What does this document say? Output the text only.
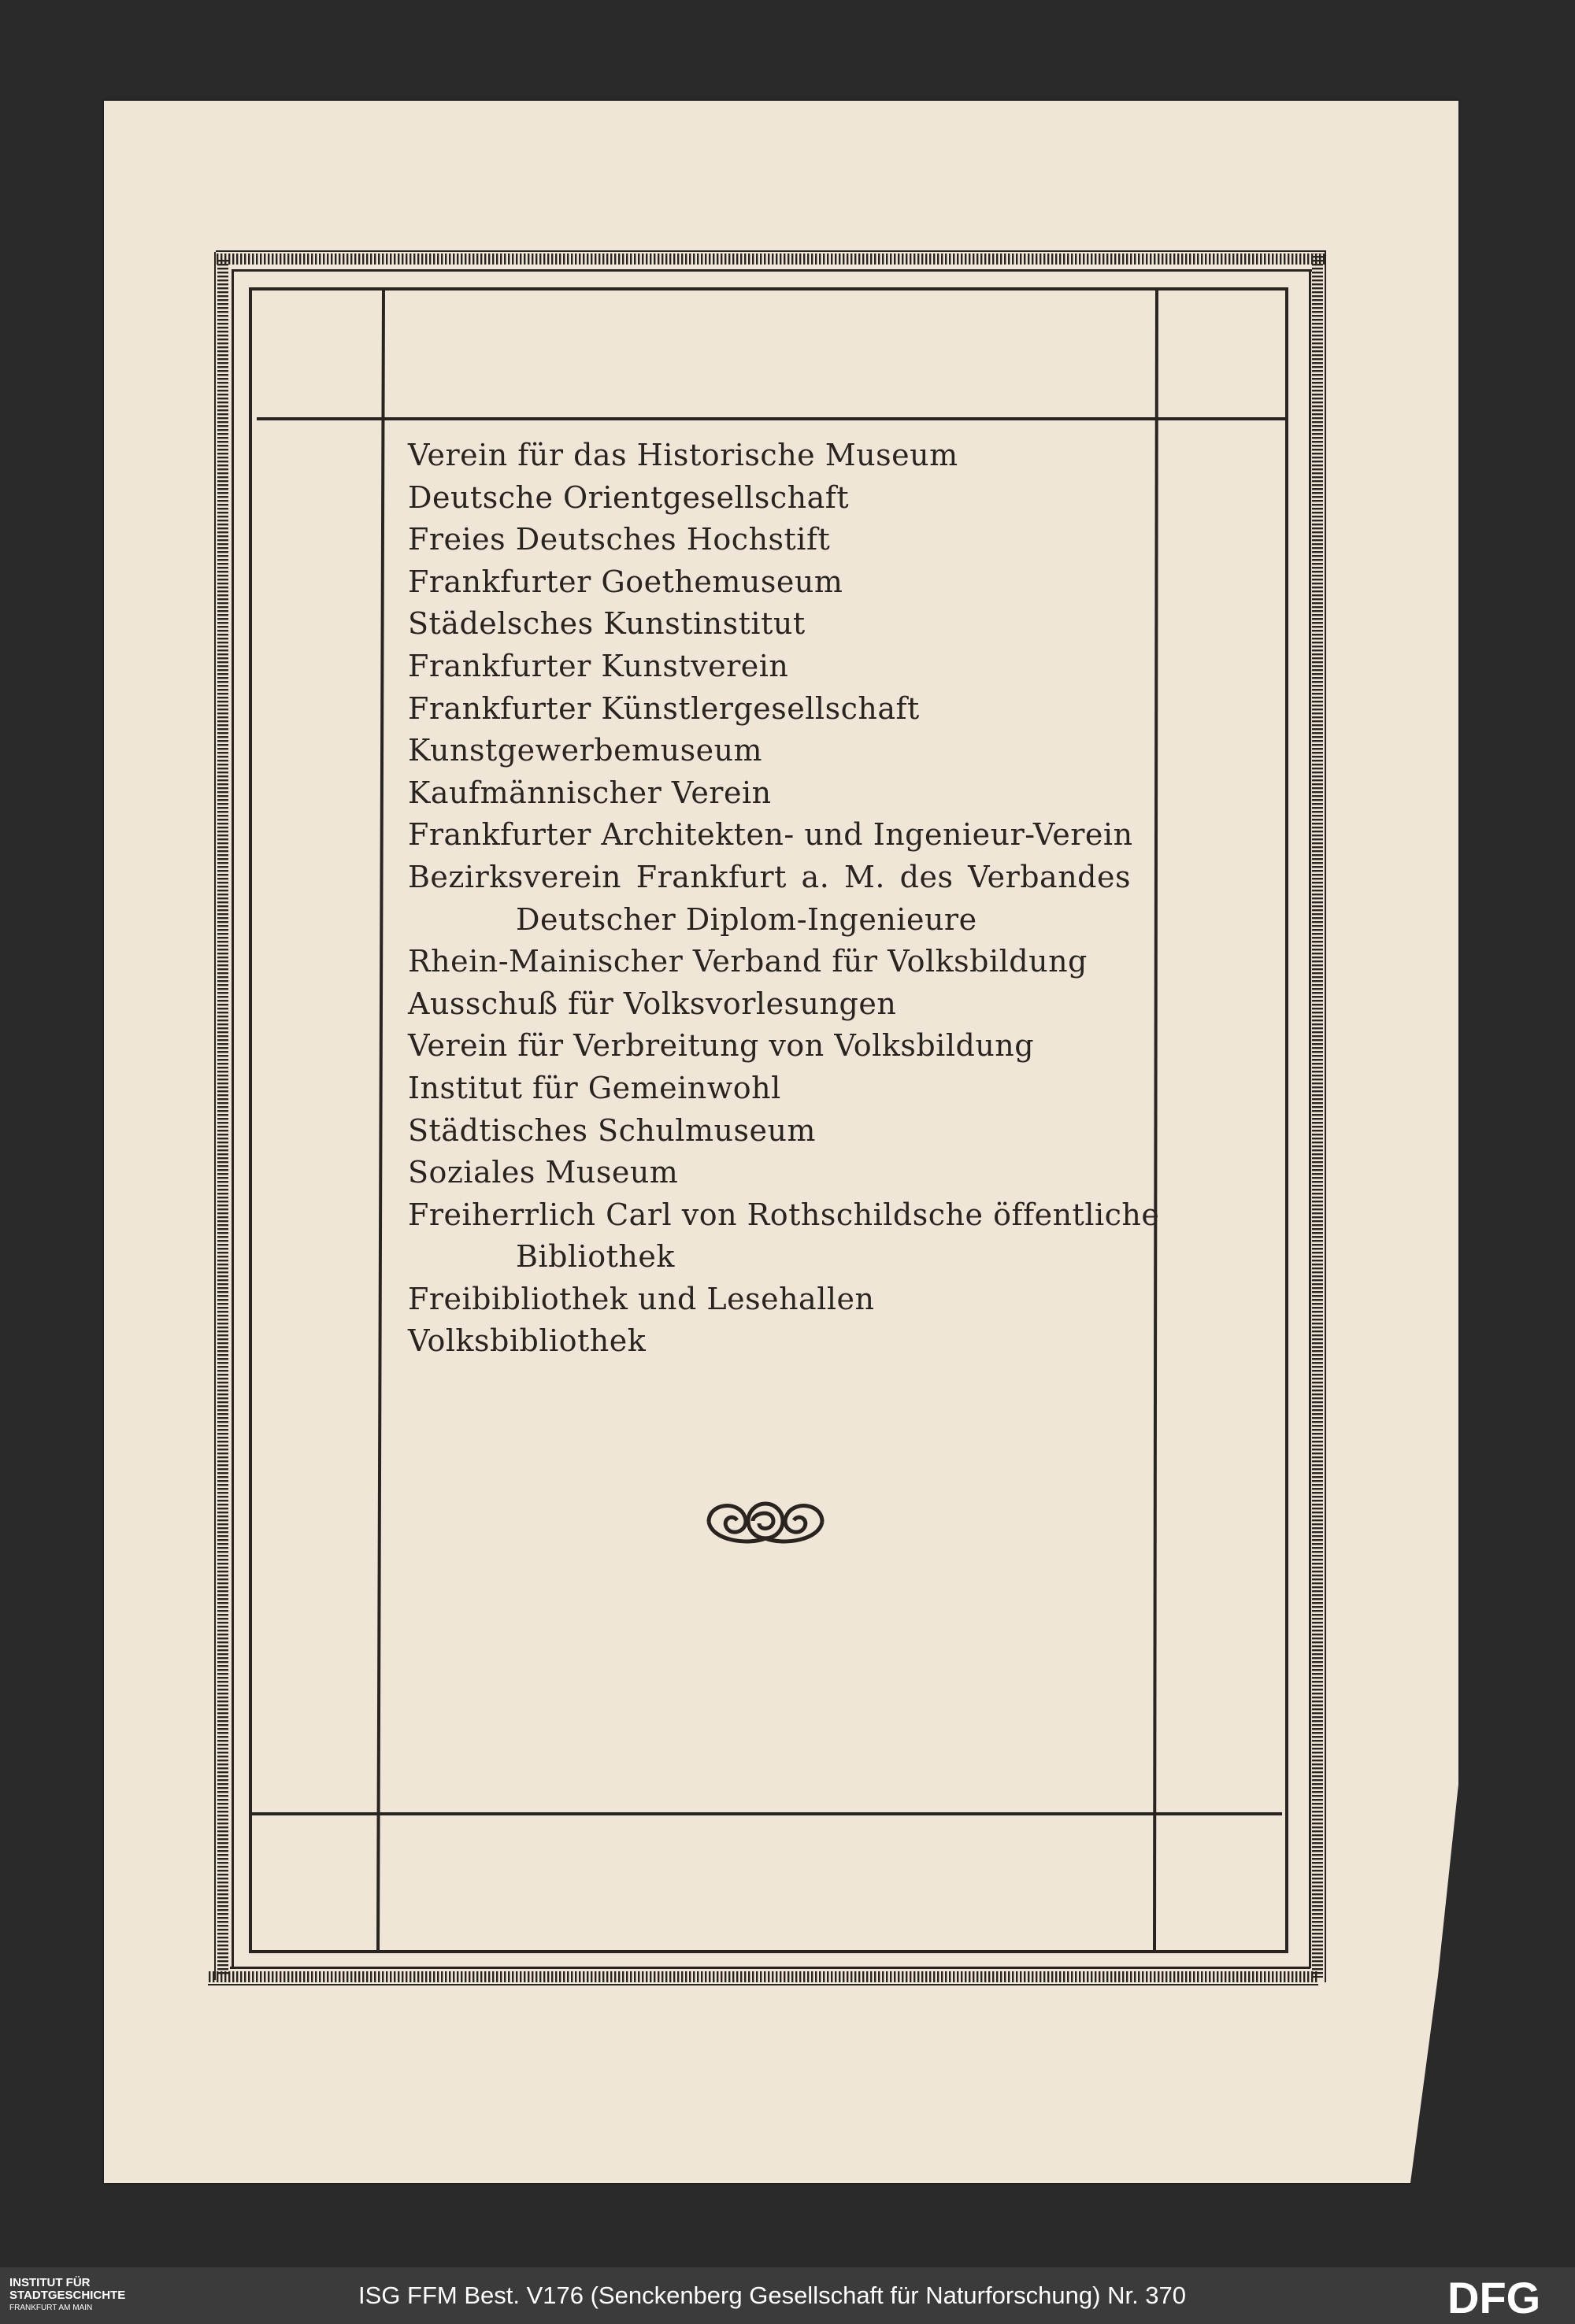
Verein für das Historische Museum

Deutsche Orientgesellschaft

Freies Deutsches Hochstift

Frankfurter Goethemuseum

Städelsches Kunstinstitut

Frankfurter Kunstverein

Frankfurter Künstlergesellschaft

Kunstgewerbemuseum

Kaufmännischer Verein

Frankfurter Architekten- und Ingenieur-Verein

Bezirksverein Frankfurt a. M. des Verbandes
Deutscher Diplom-Ingenieure

Rhein-Mainischer Verband für Volksbildung

Ausschuß für Volksvorlesungen

Verein für Verbreitung von Volksbildung

Institut für Gemeinwohl

Städtisches Schulmuseum

Soziales Museum

Freiherrlich Carl von Rothschildsche öffentliche
Bibliothek

Freibibliothek und Lesehallen

Volksbibliothek

INSTITUT FÜR
STADTGESCHICHTE
FRANKFURT AM MAIN	ISG FFM Best. V176 (Senckenberg Gesellschaft für Naturforschung) Nr. 370	DFG
